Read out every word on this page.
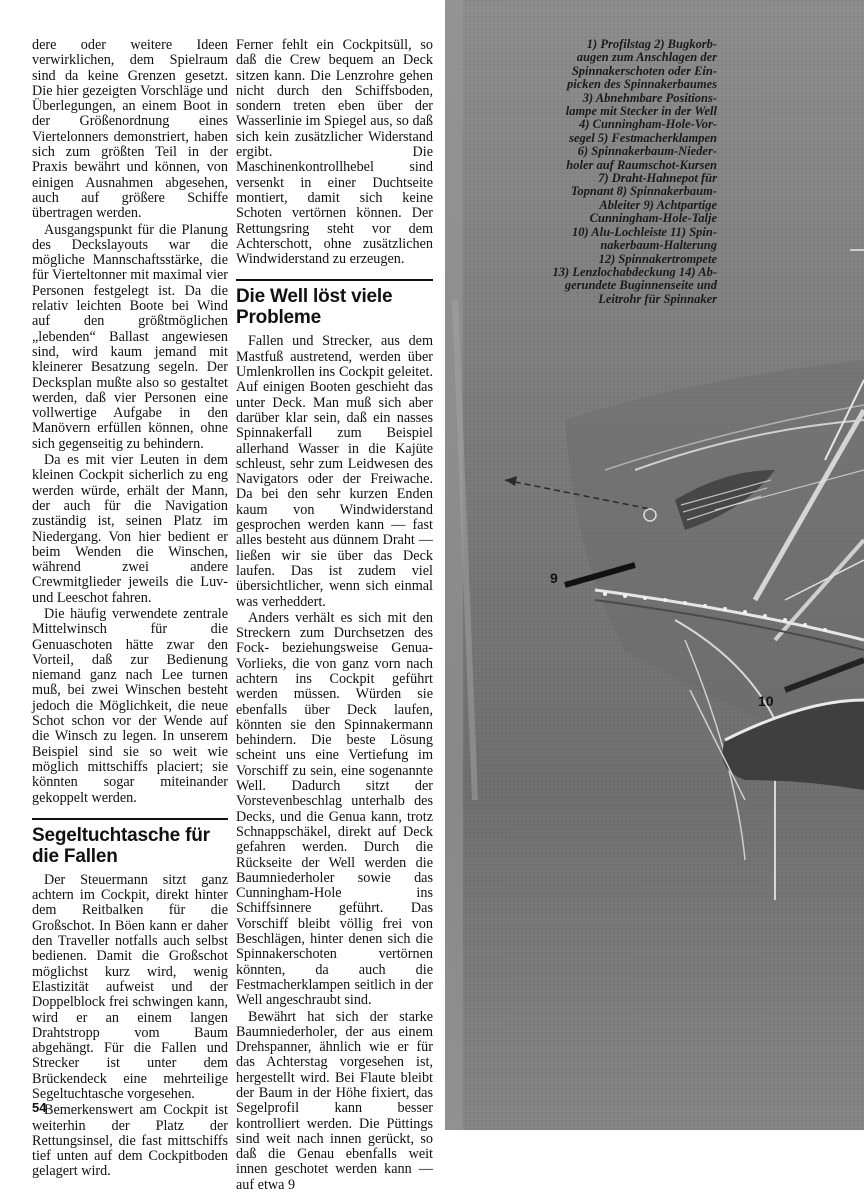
dere oder weitere Ideen verwirklichen, dem Spielraum sind da keine Grenzen gesetzt. Die hier gezeigten Vorschläge und Überlegungen, an einem Boot in der Größenordnung eines Viertelonners demonstriert, haben sich zum größten Teil in der Praxis bewährt und können, von einigen Ausnahmen abgesehen, auch auf größere Schiffe übertragen werden.

Ausgangspunkt für die Planung des Deckslayouts war die mögliche Mannschaftsstärke, die für Vierteltonner mit maximal vier Personen festgelegt ist. Da die relativ leichten Boote bei Wind auf den größtmöglichen „lebenden“ Ballast angewiesen sind, wird kaum jemand mit kleinerer Besatzung segeln. Der Decksplan mußte also so gestaltet werden, daß vier Personen eine vollwertige Aufgabe in den Manövern erfüllen können, ohne sich gegenseitig zu behindern.

Da es mit vier Leuten in dem kleinen Cockpit sicherlich zu eng werden würde, erhält der Mann, der auch für die Navigation zuständig ist, seinen Platz im Niedergang. Von hier bedient er beim Wenden die Winschen, während zwei andere Crewmitglieder jeweils die Luv- und Leeschot fahren.

Die häufig verwendete zentrale Mittelwinsch für die Genuaschoten hätte zwar den Vorteil, daß zur Bedienung niemand ganz nach Lee turnen muß, bei zwei Winschen besteht jedoch die Möglichkeit, die neue Schot schon vor der Wende auf die Winsch zu legen. In unserem Beispiel sind sie so weit wie möglich mittschiffs placiert; sie könnten sogar miteinander gekoppelt werden.

Segeltuchtasche für die Fallen

Der Steuermann sitzt ganz achtern im Cockpit, direkt hinter dem Reitbalken für die Großschot. In Böen kann er daher den Traveller notfalls auch selbst bedienen. Damit die Großschot möglichst kurz wird, wenig Elastizität aufweist und der Doppelblock frei schwingen kann, wird er an einem langen Drahtstropp vom Baum abgehängt. Für die Fallen und Strecker ist unter dem Brückendeck eine mehrteilige Segeltuchtasche vorgesehen.

Bemerkenswert am Cockpit ist weiterhin der Platz der Rettungsinsel, die fast mittschiffs tief unten auf dem Cockpitboden gelagert wird.

Ferner fehlt ein Cockpitsüll, so daß die Crew bequem an Deck sitzen kann. Die Lenzrohre gehen nicht durch den Schiffsboden, sondern treten eben über der Wasserlinie im Spiegel aus, so daß sich kein zusätzlicher Widerstand ergibt. Die Maschinenkontrollhebel sind versenkt in einer Duchtseite montiert, damit sich keine Schoten vertörnen können. Der Rettungsring steht vor dem Achterschott, ohne zusätzlichen Windwiderstand zu erzeugen.

Die Well löst viele Probleme

Fallen und Strecker, aus dem Mastfuß austretend, werden über Umlenkrollen ins Cockpit geleitet. Auf einigen Booten geschieht das unter Deck. Man muß sich aber darüber klar sein, daß ein nasses Spinnakerfall zum Beispiel allerhand Wasser in die Kajüte schleust, sehr zum Leidwesen des Navigators oder der Freiwache. Da bei den sehr kurzen Enden kaum von Windwiderstand gesprochen werden kann — fast alles besteht aus dünnem Draht — ließen wir sie über das Deck laufen. Das ist zudem viel übersichtlicher, wenn sich einmal was verheddert.

Anders verhält es sich mit den Streckern zum Durchsetzen des Fock- beziehungsweise Genua-Vorlieks, die von ganz vorn nach achtern ins Cockpit geführt werden müssen. Würden sie ebenfalls über Deck laufen, könnten sie den Spinnakermann behindern. Die beste Lösung scheint uns eine Vertiefung im Vorschiff zu sein, eine sogenannte Well. Dadurch sitzt der Vorstevenbeschlag unterhalb des Decks, und die Genua kann, trotz Schnappschäkel, direkt auf Deck gefahren werden. Durch die Rückseite der Well werden die Baumniederholer sowie das Cunningham-Hole ins Schiffsinnere geführt. Das Vorschiff bleibt völlig frei von Beschlägen, hinter denen sich die Spinnakerschoten vertörnen könnten, da auch die Festmacherklampen seitlich in der Well angeschraubt sind.

Bewährt hat sich der starke Baumniederholer, der aus einem Drehspanner, ähnlich wie er für das Achterstag vorgesehen ist, hergestellt wird. Bei Flaute bleibt der Baum in der Höhe fixiert, das Segelprofil kann besser kontrolliert werden. Die Püttings sind weit nach innen gerückt, so daß die Genau ebenfalls weit innen geschotet werden kann — auf etwa 9

54
1) Profilstag 2) Bugkorb-
augen zum Anschlagen der
Spinnakerschoten oder Ein-
picken des Spinnakerbaumes
3) Abnehmbare Positions-
lampe mit Stecker in der Well
4) Cunningham-Hole-Vor-
segel 5) Festmacherklampen
6) Spinnakerbaum-Nieder-
holer auf Raumschot-Kursen
7) Draht-Hahnepot für
Topnant 8) Spinnakerbaum-
Ableiter 9) Achtpartige
Cunningham-Hole-Talje
10) Alu-Lochleiste 11) Spin-
nakerbaum-Halterung
12) Spinnakertrompete
13) Lenzlochabdeckung 14) Ab-
gerundete Buginnenseite und
Leitrohr für Spinnaker
9
10
